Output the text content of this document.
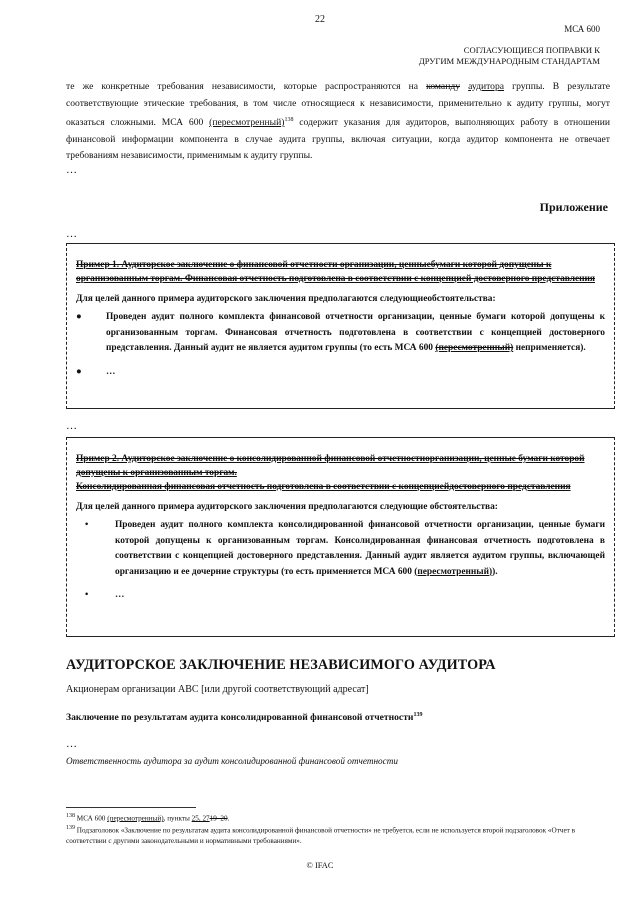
22
МСА 600
СОГЛАСУЮЩИЕСЯ ПОПРАВКИ К
ДРУГИМ МЕЖДУНАРОДНЫМ СТАНДАРТАМ
те же конкретные требования независимости, которые распространяются на команду аудитора группы. В результате соответствующие этические требования, в том числе относящиеся к независимости, применительно к аудиту группы, могут оказаться сложными. МСА 600 (пересмотренный)$^{138}$ содержит указания для аудиторов, выполняющих работу в отношении финансовой информации компонента в случае аудита группы, включая ситуации, когда аудитор компонента не отвечает требованиям независимости, применимым к аудиту группы.
…
Приложение
…
Пример 1. Аудиторское заключение о финансовой отчетности организации, ценныебумаги которой допущены к организованным торгам. Финансовая отчетность подготовлена в соответствии с концепцией достоверного представления
Для целей данного примера аудиторского заключения предполагаются следующиеобстоятельства:
●	Проведен аудит полного комплекта финансовой отчетности организации, ценные бумаги которой допущены к организованным торгам. Финансовая отчетность подготовлена в соответствии с концепцией достоверного представления. Данный аудит не является аудитом группы (то есть МСА 600 (пересмотренный) неприменяется).
●	…
…
Пример 2. Аудиторское заключение о консолидированной финансовой отчетностиорганизации, ценные бумаги которой допущены к организованным торгам.
Консолидированная финансовая отчетность подготовлена в соответствии с концепциейдостоверного представления
Для целей данного примера аудиторского заключения предполагаются следующие обстоятельства:
•	Проведен аудит полного комплекта консолидированной финансовой отчетности организации, ценные бумаги которой допущены к организованным торгам. Консолидированная финансовая отчетность подготовлена в соответствии с концепцией достоверного представления. Данный аудит является аудитом группы, включающей организацию и ее дочерние структуры (то есть применяется МСА 600 (пересмотренный)).
•	…
АУДИТОРСКОЕ ЗАКЛЮЧЕНИЕ НЕЗАВИСИМОГО АУДИТОРА
Акционерам организации ABC [или другой соответствующий адресат]
Заключение по результатам аудита консолидированной финансовой отчетности$^{139}$
…
Ответственность аудитора за аудит консолидированной финансовой отчетности

$^{138}$ МСА 600 (пересмотренный), пункты 25, 2719–20.

$^{139}$ Подзаголовок «Заключение по результатам аудита консолидированной финансовой отчетности» не требуется, если не используется второй подзаголовок «Отчет в соответствии с другими законодательными и нормативными требованиями».

© IFAC
